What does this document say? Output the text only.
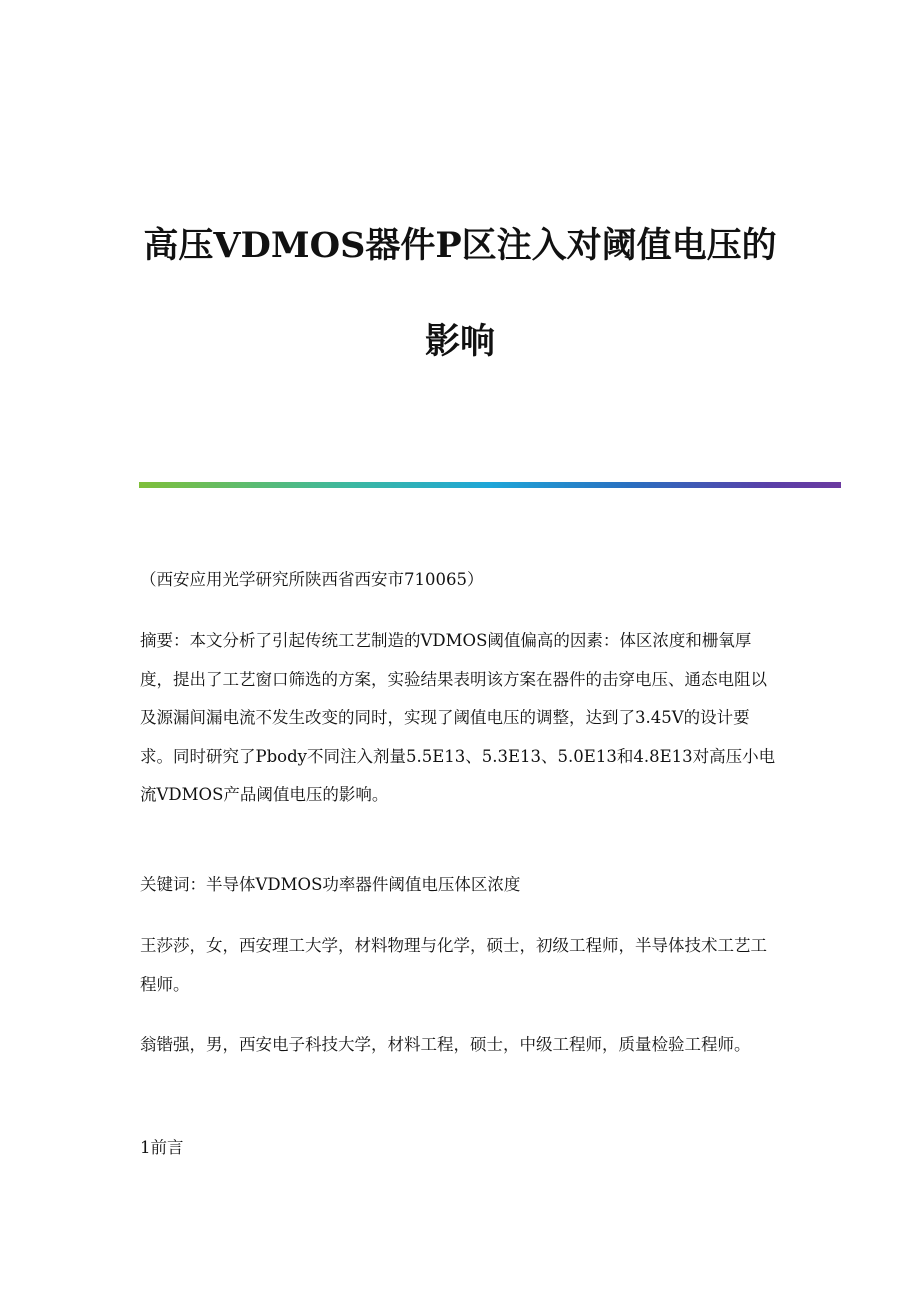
高压VDMOS器件P区注入对阈值电压的
影响

（西安应用光学研究所陕西省西安市710065）

摘要：本文分析了引起传统工艺制造的VDMOS阈值偏高的因素：体区浓度和栅氧厚度，提出了工艺窗口筛选的方案，实验结果表明该方案在器件的击穿电压、通态电阻以及源漏间漏电流不发生改变的同时，实现了阈值电压的调整，达到了3.45V的设计要求。同时研究了Pbody不同注入剂量5.5E13、5.3E13、5.0E13和4.8E13对高压小电流VDMOS产品阈值电压的影响。

关键词：半导体VDMOS功率器件阈值电压体区浓度

王莎莎，女，西安理工大学，材料物理与化学，硕士，初级工程师，半导体技术工艺工程师。

翁锴强，男，西安电子科技大学，材料工程，硕士，中级工程师，质量检验工程师。

1前言
